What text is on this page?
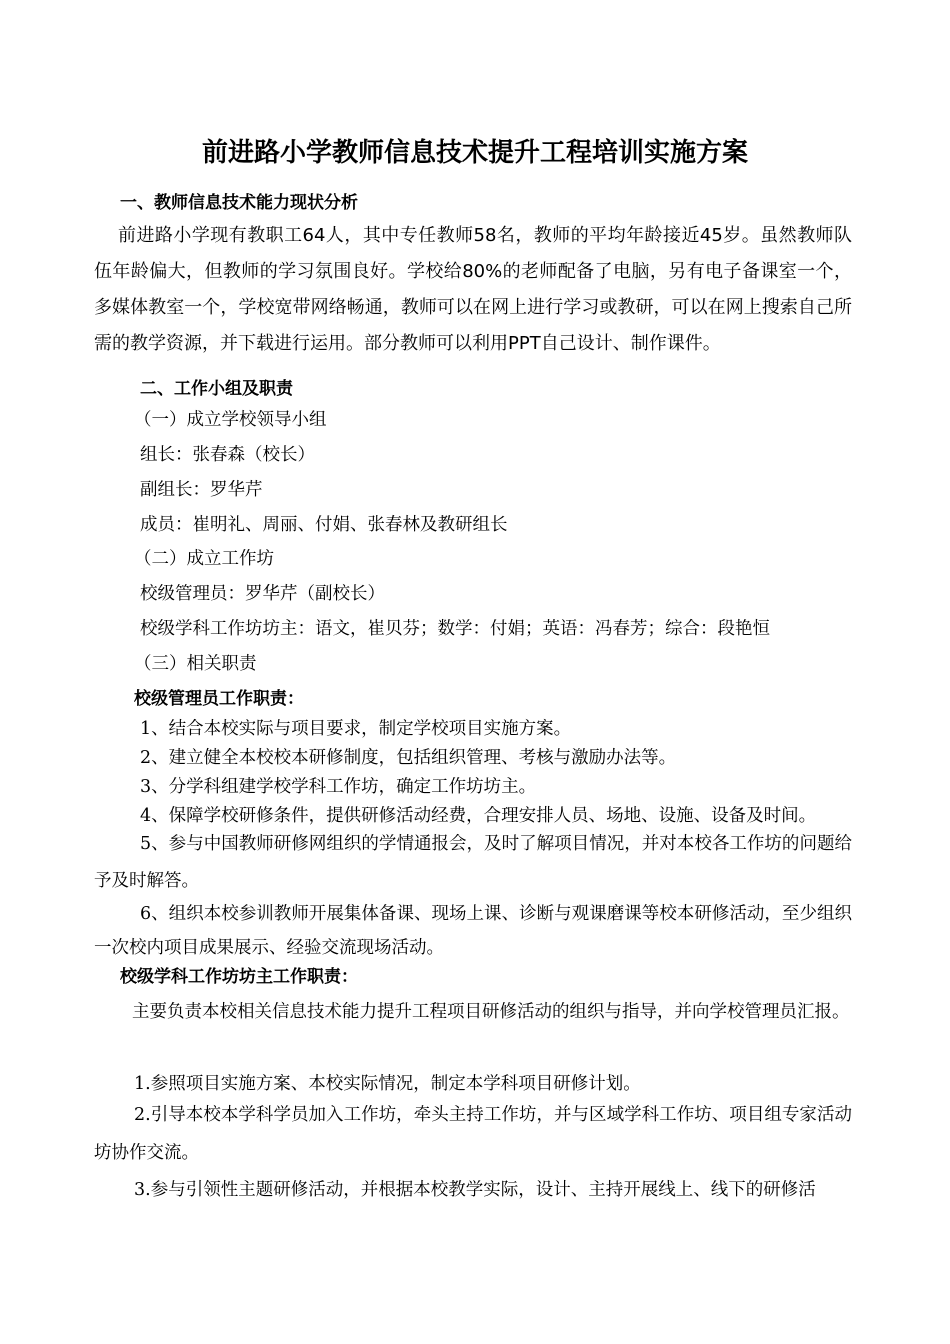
前进路小学教师信息技术提升工程培训实施方案
一、教师信息技术能力现状分析
前进路小学现有教职工64人，其中专任教师58名，教师的平均年龄接近45岁。虽然教师队伍年龄偏大，但教师的学习氛围良好。学校给80%的老师配备了电脑，另有电子备课室一个，多媒体教室一个，学校宽带网络畅通，教师可以在网上进行学习或教研，可以在网上搜索自己所需的教学资源，并下载进行运用。部分教师可以利用PPT自己设计、制作课件。
二、工作小组及职责
（一）成立学校领导小组
组长：张春森（校长）
副组长：罗华芹
成员：崔明礼、周丽、付娟、张春林及教研组长
（二）成立工作坊
校级管理员：罗华芹（副校长）
校级学科工作坊坊主：语文，崔贝芬；数学：付娟；英语：冯春芳；综合：段艳恒
（三）相关职责
校级管理员工作职责：
1、结合本校实际与项目要求，制定学校项目实施方案。
2、建立健全本校校本研修制度，包括组织管理、考核与激励办法等。
3、分学科组建学校学科工作坊，确定工作坊坊主。
4、保障学校研修条件，提供研修活动经费，合理安排人员、场地、设施、设备及时间。
5、参与中国教师研修网组织的学情通报会，及时了解项目情况，并对本校各工作坊的问题给予及时解答。
6、组织本校参训教师开展集体备课、现场上课、诊断与观课磨课等校本研修活动，至少组织一次校内项目成果展示、经验交流现场活动。
校级学科工作坊坊主工作职责：
主要负责本校相关信息技术能力提升工程项目研修活动的组织与指导，并向学校管理员汇报。
1.参照项目实施方案、本校实际情况，制定本学科项目研修计划。
2.引导本校本学科学员加入工作坊，牵头主持工作坊，并与区域学科工作坊、项目组专家活动坊协作交流。
3.参与引领性主题研修活动，并根据本校教学实际，设计、主持开展线上、线下的研修活
